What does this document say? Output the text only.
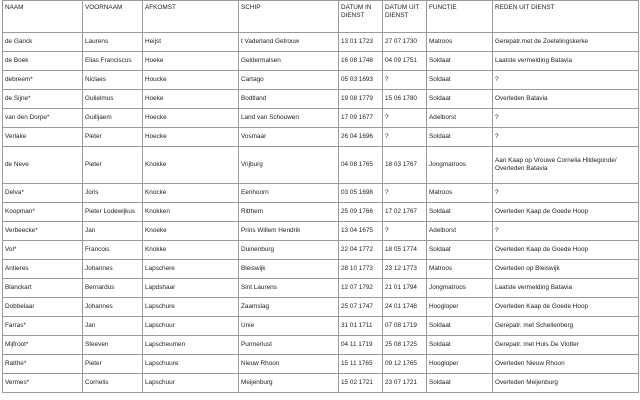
NAAM	VOORNAAM	AFKOMST	SCHIP	DATUM IN DIENST	DATUM UIT DIENST	FUNCTIE	REDEN UIT DIENST
de Ganck	Laurens	Heijst	t Vaderland Getrouw	13 01 1723	27 07 1730	Matroos	Gerepatr.met de Zoetelingskerke
de Boek	Elias Franciscus	Hoeke	Geldermalsen	16 08 1748	04 09 1751	Soldaat	Laatste vermelding Batavia
debreem*	Niclaes	Houcke	Cartago	05 03 1693	?	Soldaat	?
de Sijne*	Gulielmus	Hoeke	Bodtland	19 08 1779	15 06 1780	Soldaat	Overleden Batavia
van den Dorpe*	Guilljaem	Hoecke	Land van Schouwen	17 09 1677	?	Adelborst	?
Verlake	Pieter	Hoecke	Vosmaar	26 04 1696	?	Soldaat	?
de Neve	Pieter	Knokke	Vrijburg	04 08 1765	18 03 1767	Jongmatroos	Aan Kaap op Vrouwe Cornelia Hildegonde/ Overleden Batavia
Delva*	Joris	Knocke	Eenhoorn	03 05 1698	?	Matroos	?
Koopman*	Pieter Lodewijkus	Knokken	Ritthem	25 09 1766	17 02 1767	Soldaat	Overleden Kaap de Goede Hoop
Verbeecke*	Jan	Knoeke	Prins Willem Hendrik	13 04 1675	?	Adelborst	?
Vol*	Francois	Knokke	Duinenburg	22 04 1772	18 05 1774	Soldaat	Overleden Kaap de Goede Hoop
Antieres	Johannes	Lapschere	Bleiswijk	28 10 1773	23 12 1773	Matroos	Overleden op Bleiswijk
Blanckart	Bernardus	Lapdshaar	Sint Laurens	12 07 1792	21 01 1794	Jongmatroos	Laatste vermelding Batavia
Dobbelaar	Johannes	Lapschure	Zaamslag	25 07 1747	24 01 1748	Hoogloper	Overleden Kaap de Goede Hoop
Farras*	Jan	Lapschuur	Unie	31 01 1711	07 08 1719	Soldaat	Gerepatr. met Schellenberg
Mijfroot*	Steeven	Lapscheumen	Purmerlust	04 11 1719	25 08 1725	Soldaat	Gerepatr. met Huis De Vlotter
Ratthe*	Pieter	Lapschuure	Nieuw Rhoon	15 11 1765	09 12 1765	Hoogloper	Overleden Nieuw Rhoon
Vermes*	Cornelis	Lapschuur	Meijenburg	15 02 1721	23 07 1721	Soldaat	Overleden Meijenburg
